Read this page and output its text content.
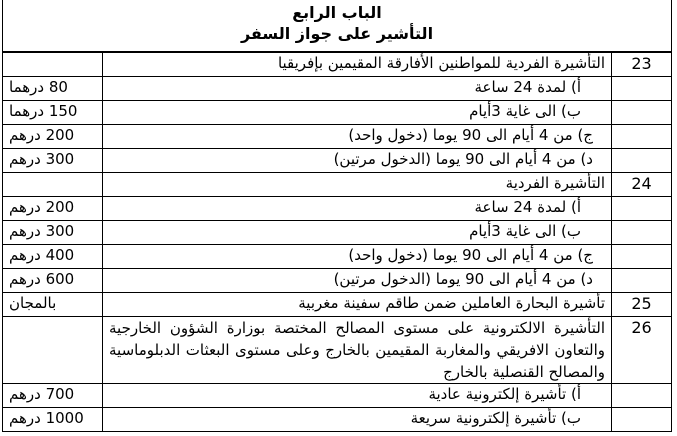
الباب الرابع
التأشير على جواز السفر
	التأشيرة الفردية للمواطنين الأفارقة المقيمين بإفريقيا	23
80 درهما	أ) لمدة 24 ساعة	
150 درهما	ب) الى غاية 3أيام	
200 درهم	ج) من 4 أيام الى 90 يوما (دخول واحد)	
300 درهم	د) من 4 أيام الى 90 يوما (الدخول مرتين)	
	التأشيرة الفردية	24
200 درهم	أ) لمدة 24 ساعة	
300 درهم	ب) الى غاية 3أيام	
400 درهم	ج) من 4 أيام الى 90 يوما (دخول واحد)	
600 درهم	د) من 4 أيام الى 90 يوما (الدخول مرتين)	
بالمجان	تأشيرة البحارة العاملين ضمن طاقم سفينة مغربية	25
	التأشيرة الالكترونية على مستوى المصالح المختصة بوزارة الشؤون الخارجية والتعاون الافريقي والمغاربة المقيمين بالخارج وعلى مستوى البعثات الدبلوماسية والمصالح القنصلية بالخارج	26
700 درهم	أ) تأشيرة إلكترونية عادية	
1000 درهم	ب) تأشيرة إلكترونية سريعة	
